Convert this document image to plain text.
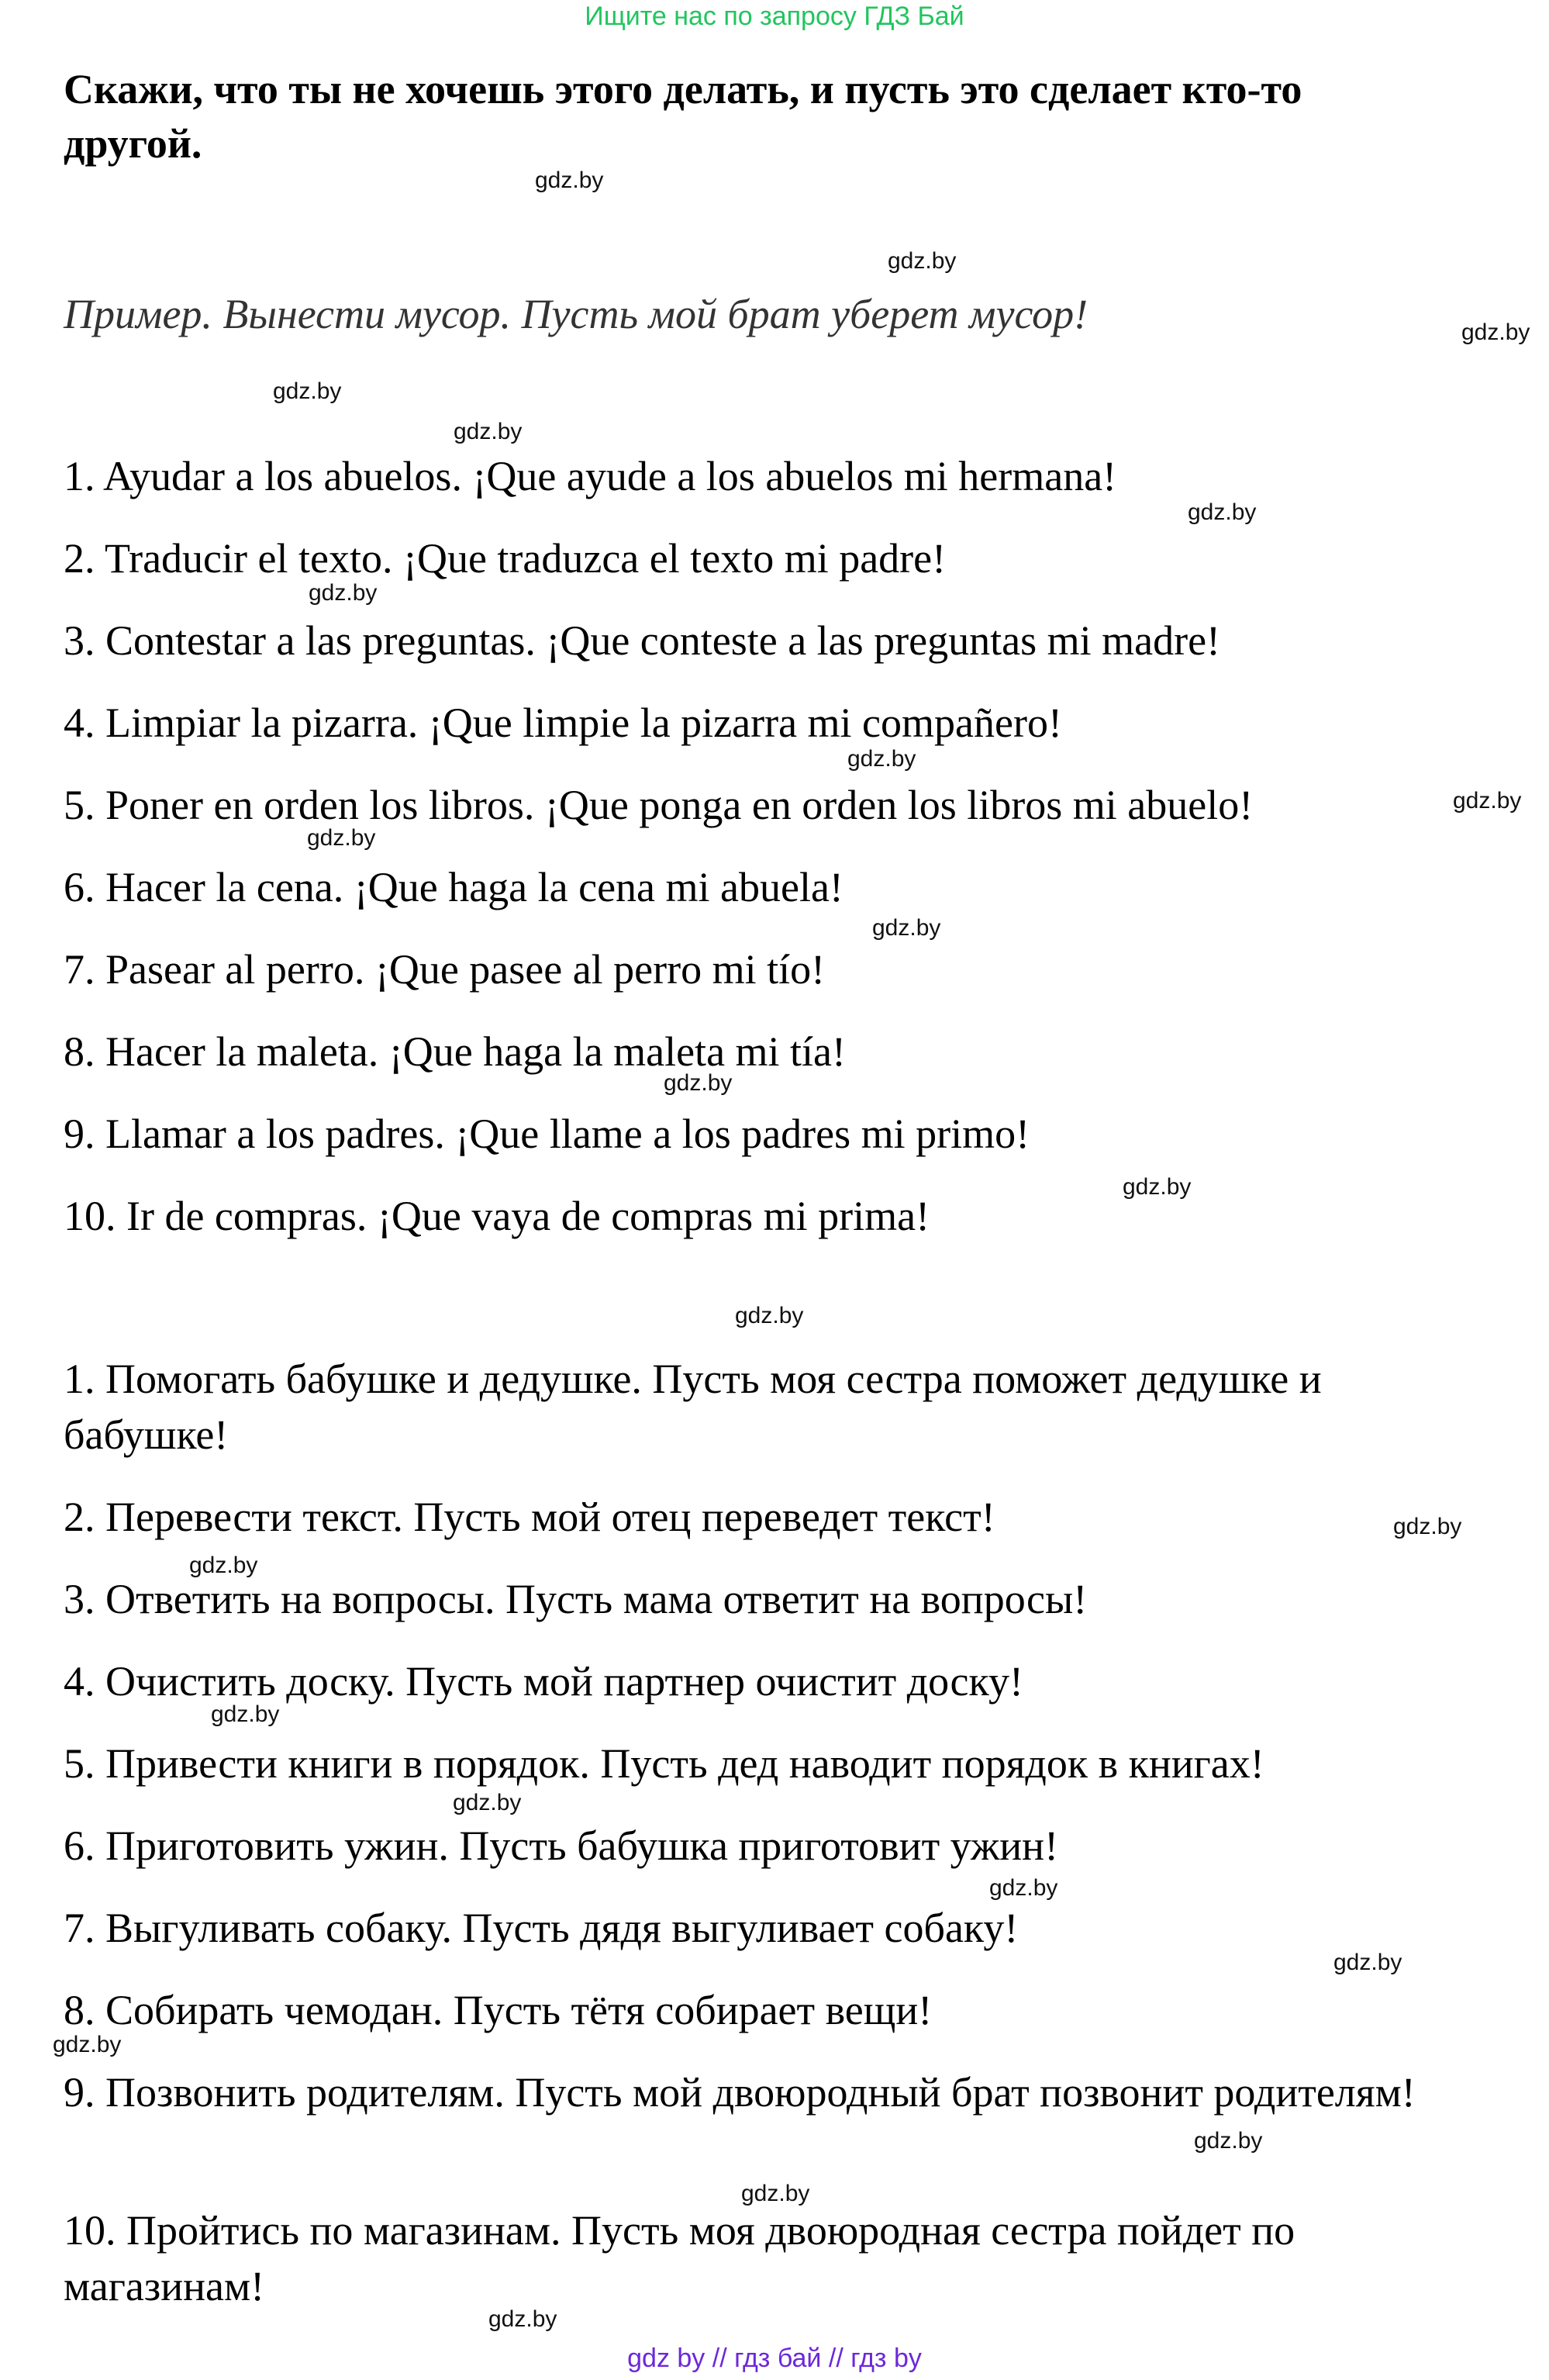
Ищите нас по запросу ГДЗ Бай
Скажи, что ты не хочешь этого делать, и пусть это сделает кто-то другой.
Пример. Вынести мусор. Пусть мой брат уберет мусор!
1. Ayudar a los abuelos. ¡Que ayude a los abuelos mi hermana!
2. Traducir el texto. ¡Que traduzca el texto mi padre!
3. Contestar a las preguntas. ¡Que conteste a las preguntas mi madre!
4. Limpiar la pizarra. ¡Que limpie la pizarra mi compañero!
5. Poner en orden los libros. ¡Que ponga en orden los libros mi abuelo!
6. Hacer la cena. ¡Que haga la cena mi abuela!
7. Pasear al perro. ¡Que pasee al perro mi tío!
8. Hacer la maleta. ¡Que haga la maleta mi tía!
9. Llamar a los padres. ¡Que llame a los padres mi primo!
10. Ir de compras. ¡Que vaya de compras mi prima!
1. Помогать бабушке и дедушке. Пусть моя сестра поможет дедушке и бабушке!
2. Перевести текст. Пусть мой отец переведет текст!
3. Ответить на вопросы. Пусть мама ответит на вопросы!
4. Очистить доску. Пусть мой партнер очистит доску!
5. Привести книги в порядок. Пусть дед наводит порядок в книгах!
6. Приготовить ужин. Пусть бабушка приготовит ужин!
7. Выгуливать собаку. Пусть дядя выгуливает собаку!
8. Собирать чемодан. Пусть тётя собирает вещи!
9. Позвонить родителям. Пусть мой двоюродный брат позвонит родителям!
10. Пройтись по магазинам. Пусть моя двоюродная сестра пойдет по магазинам!
gdz.by
gdz.by
gdz.by
gdz.by
gdz.by
gdz.by
gdz.by
gdz.by
gdz.by
gdz.by
gdz.by
gdz.by
gdz.by
gdz.by
gdz.by
gdz.by
gdz.by
gdz.by
gdz.by
gdz.by
gdz.by
gdz.by
gdz.by
gdz.by
gdz by // гдз бай // гдз by
